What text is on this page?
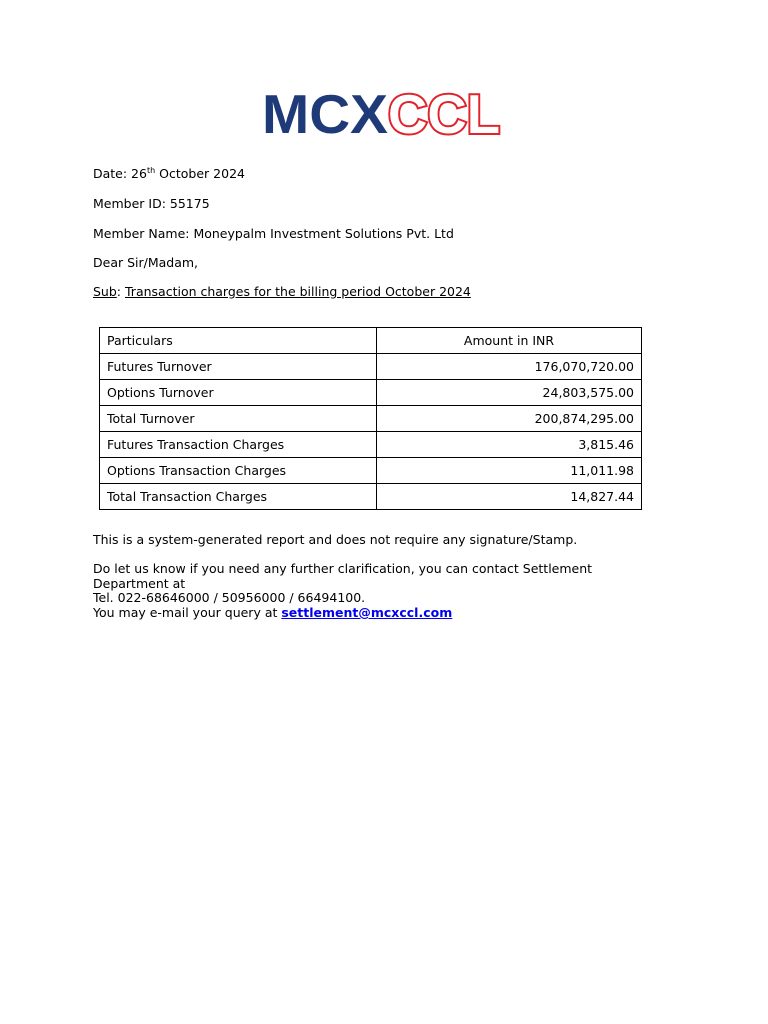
MCX CCL
Date: 26th October 2024
Member ID: 55175
Member Name: Moneypalm Investment Solutions Pvt. Ltd
Dear Sir/Madam,
Sub: Transaction charges for the billing period October 2024
Particulars	Amount in INR
Futures Turnover	176,070,720.00
Options Turnover	24,803,575.00
Total Turnover	200,874,295.00
Futures Transaction Charges	3,815.46
Options Transaction Charges	11,011.98
Total Transaction Charges	14,827.44
This is a system-generated report and does not require any signature/Stamp.
Do let us know if you need any further clarification, you can contact Settlement Department at
Tel. 022-68646000 / 50956000 / 66494100.
You may e-mail your query at settlement@mcxccl.com
